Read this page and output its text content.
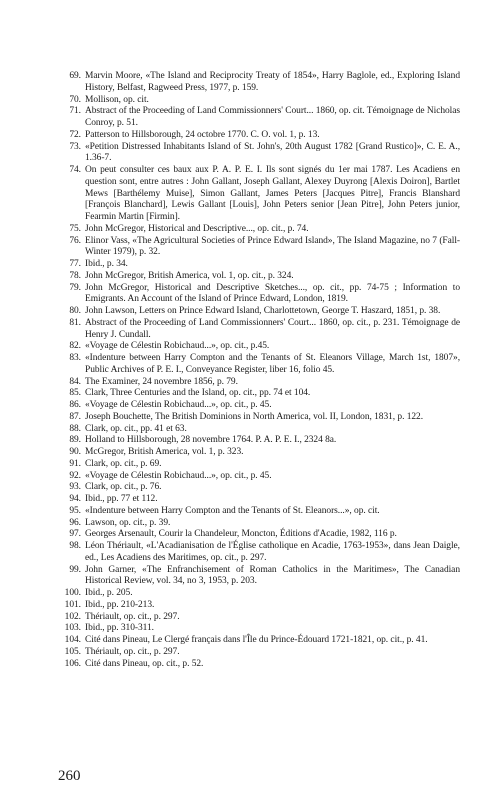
69. Marvin Moore, «The Island and Reciprocity Treaty of 1854», Harry Baglole, ed., Exploring Island History, Belfast, Ragweed Press, 1977, p. 159.
70. Mollison, op. cit.
71. Abstract of the Proceeding of Land Commissionners' Court... 1860, op. cit. Témoignage de Nicholas Conroy, p. 51.
72. Patterson to Hillsborough, 24 octobre 1770. C. O. vol. 1, p. 13.
73. «Petition Distressed Inhabitants Island of St. John's, 20th August 1782 [Grand Rustico]», C. E. A., 1.36-7.
74. On peut consulter ces baux aux P. A. P. E. I. Ils sont signés du 1er mai 1787. Les Acadiens en question sont, entre autres : John Gallant, Joseph Gallant, Alexey Duyrong [Alexis Doiron], Bartlet Mews [Barthélemy Muise], Simon Gallant, James Peters [Jacques Pitre], Francis Blanshard [François Blanchard], Lewis Gallant [Louis], John Peters senior [Jean Pitre], John Peters junior, Fearmin Martin [Firmin].
75. John McGregor, Historical and Descriptive..., op. cit., p. 74.
76. Elinor Vass, «The Agricultural Societies of Prince Edward Island», The Island Magazine, no 7 (Fall-Winter 1979), p. 32.
77. Ibid., p. 34.
78. John McGregor, British America, vol. 1, op. cit., p. 324.
79. John McGregor, Historical and Descriptive Sketches..., op. cit., pp. 74-75 ; Information to Emigrants. An Account of the Island of Prince Edward, London, 1819.
80. John Lawson, Letters on Prince Edward Island, Charlottetown, George T. Haszard, 1851, p. 38.
81. Abstract of the Proceeding of Land Commissionners' Court... 1860, op. cit., p. 231. Témoignage de Henry J. Cundall.
82. «Voyage de Célestin Robichaud...», op. cit., p.45.
83. «Indenture between Harry Compton and the Tenants of St. Eleanors Village, March 1st, 1807», Public Archives of P. E. I., Conveyance Register, liber 16, folio 45.
84. The Examiner, 24 novembre 1856, p. 79.
85. Clark, Three Centuries and the Island, op. cit., pp. 74 et 104.
86. «Voyage de Célestin Robichaud...», op. cit., p. 45.
87. Joseph Bouchette, The British Dominions in North America, vol. II, London, 1831, p. 122.
88. Clark, op. cit., pp. 41 et 63.
89. Holland to Hillsborough, 28 novembre 1764. P. A. P. E. I., 2324 8a.
90. McGregor, British America, vol. 1, p. 323.
91. Clark, op. cit., p. 69.
92. «Voyage de Célestin Robichaud...», op. cit., p. 45.
93. Clark, op. cit., p. 76.
94. Ibid., pp. 77 et 112.
95. «Indenture between Harry Compton and the Tenants of St. Eleanors...», op. cit.
96. Lawson, op. cit., p. 39.
97. Georges Arsenault, Courir la Chandeleur, Moncton, Éditions d'Acadie, 1982, 116 p.
98. Léon Thériault, «L'Acadianisation de l'Église catholique en Acadie, 1763-1953», dans Jean Daigle, ed., Les Acadiens des Maritimes, op. cit., p. 297.
99. John Garner, «The Enfranchisement of Roman Catholics in the Maritimes», The Canadian Historical Review, vol. 34, no 3, 1953, p. 203.
100. Ibid., p. 205.
101. Ibid., pp. 210-213.
102. Thériault, op. cit., p. 297.
103. Ibid., pp. 310-311.
104. Cité dans Pineau, Le Clergé français dans l'Île du Prince-Édouard 1721-1821, op. cit., p. 41.
105. Thériault, op. cit., p. 297.
106. Cité dans Pineau, op. cit., p. 52.
260
